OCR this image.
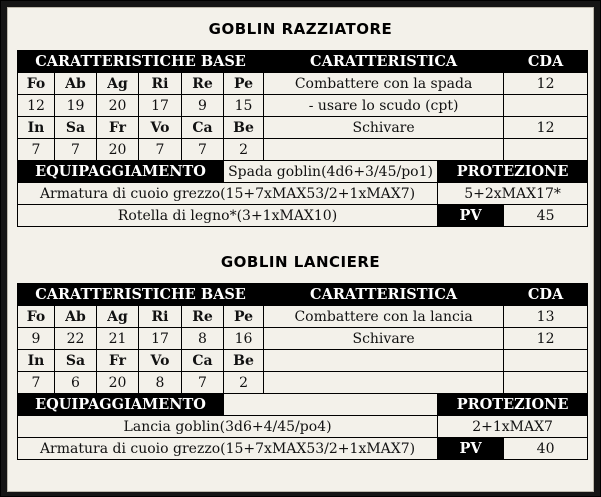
GOBLIN RAZZIATORE
CARATTERISTICHE BASE						CARATTERISTICA		CDA
Fo	Ab	Ag	Ri	Re	Pe	Combattere con la spada		12
12	19	20	17	9	15	- usare lo scudo (cpt)		
In	Sa	Fr	Vo	Ca	Be	Schivare		12
7	7	20	7	7	2			
EQUIPAGGIAMENTO					Spada goblin(4d6+3/45/po1)		PROTEZIONE	
Armatura di cuoio grezzo(15+7xMAX53/2+1xMAX7)							5+2xMAX17*	
Rotella di legno*(3+1xMAX10)							PV	45
GOBLIN LANCIERE
CARATTERISTICHE BASE						CARATTERISTICA		CDA
Fo	Ab	Ag	Ri	Re	Pe	Combattere con la lancia		13
9	22	21	17	8	16	Schivare		12
In	Sa	Fr	Vo	Ca	Be			
7	6	20	8	7	2			
EQUIPAGGIAMENTO							PROTEZIONE	
Lancia goblin(3d6+4/45/po4)							2+1xMAX7	
Armatura di cuoio grezzo(15+7xMAX53/2+1xMAX7)							PV	40
